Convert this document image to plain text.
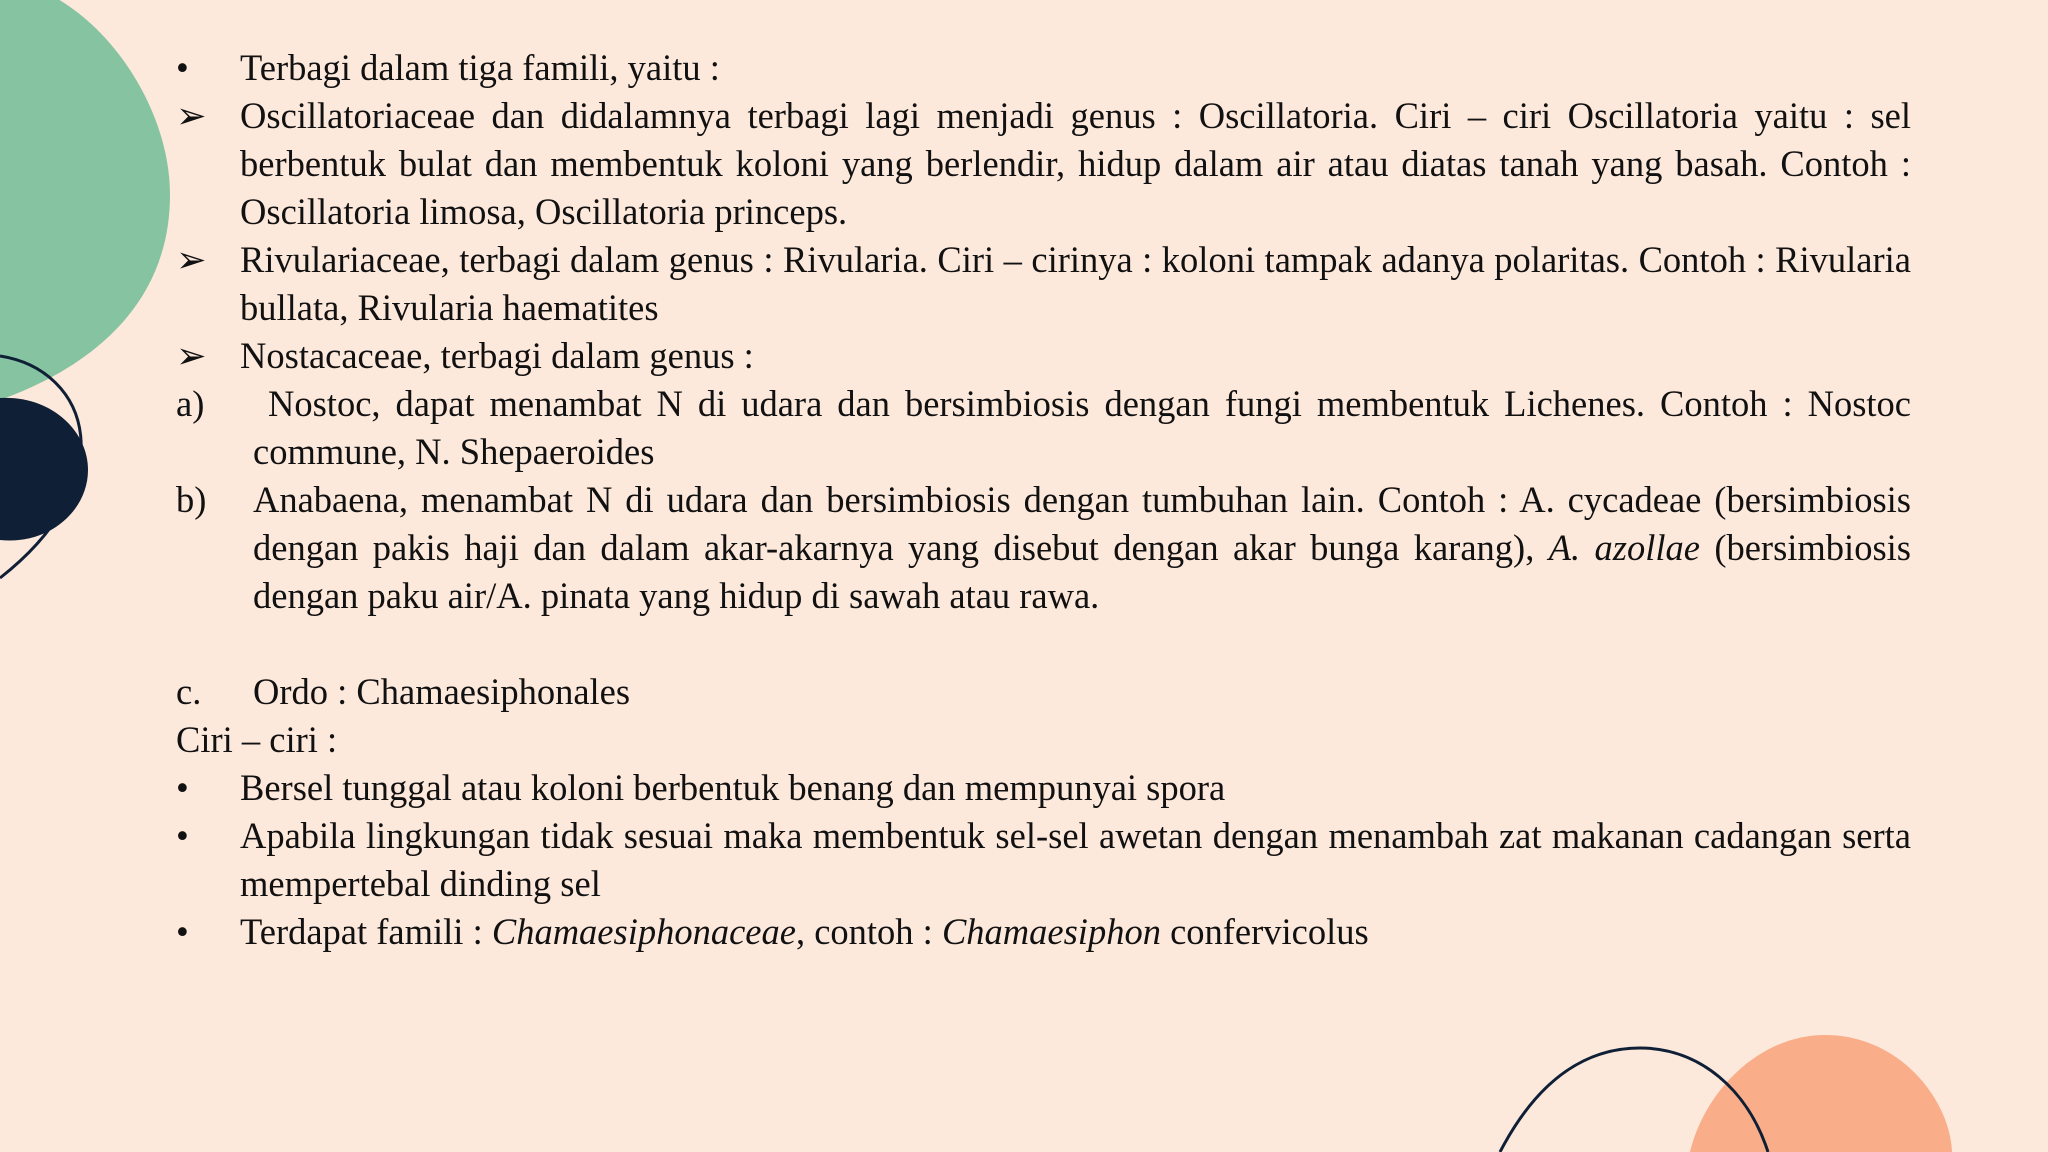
•	Terbagi dalam tiga famili, yaitu :
➢ Oscillatoriaceae dan didalamnya terbagi lagi menjadi genus : Oscillatoria. Ciri – ciri Oscillatoria yaitu : sel berbentuk bulat dan membentuk koloni yang berlendir, hidup dalam air atau diatas tanah yang basah. Contoh : Oscillatoria limosa, Oscillatoria princeps.
➢ Rivulariaceae, terbagi dalam genus : Rivularia. Ciri – cirinya : koloni tampak adanya polaritas. Contoh : Rivularia bullata, Rivularia haematites
➢ Nostacaceae, terbagi dalam genus :
a)	Nostoc, dapat menambat N di udara dan bersimbiosis dengan fungi membentuk Lichenes. Contoh : Nostoc commune, N. Shepaeroides
b)	Anabaena, menambat N di udara dan bersimbiosis dengan tumbuhan lain. Contoh : A. cycadeae (bersimbiosis dengan pakis haji dan dalam akar-akarnya yang disebut dengan akar bunga karang), A. azollae (bersimbiosis dengan paku air/A. pinata yang hidup di sawah atau rawa.
c.	Ordo : Chamaesiphonales
Ciri – ciri :
•	Bersel tunggal atau koloni berbentuk benang dan mempunyai spora
•	Apabila lingkungan tidak sesuai maka membentuk sel-sel awetan dengan menambah zat makanan cadangan serta mempertebal dinding sel
•	Terdapat famili : Chamaesiphonaceae, contoh : Chamaesiphon confervicolus
